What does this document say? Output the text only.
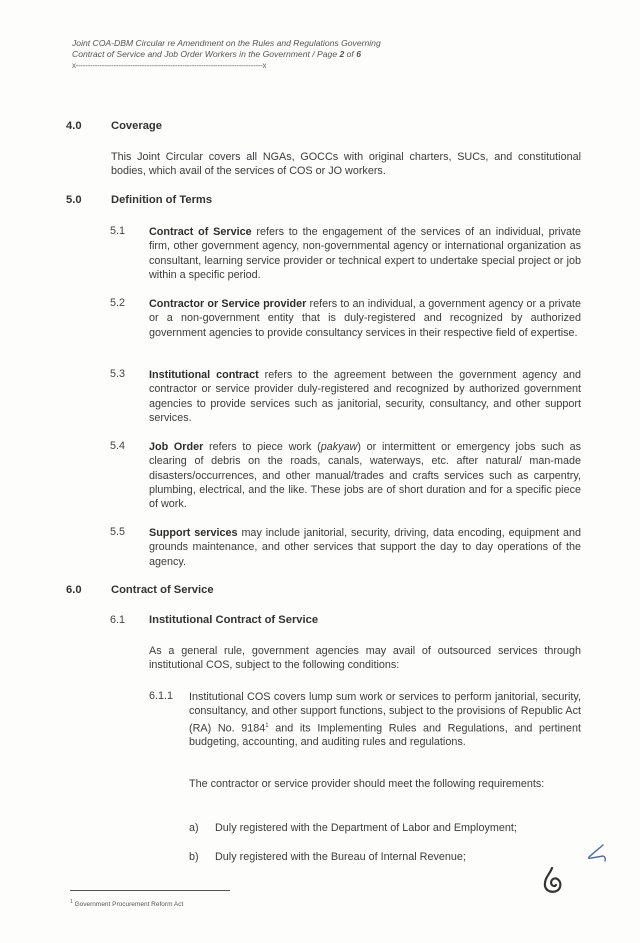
Joint COA-DBM Circular re Amendment on the Rules and Regulations Governing
Contract of Service and Job Order Workers in the Government / Page 2 of 6
x-------------------------------------------------------------------------------x
4.0	Coverage
This Joint Circular covers all NGAs, GOCCs with original charters, SUCs, and constitutional bodies, which avail of the services of COS or JO workers.
5.0	Definition of Terms
5.1 Contract of Service refers to the engagement of the services of an individual, private firm, other government agency, non-governmental agency or international organization as consultant, learning service provider or technical expert to undertake special project or job within a specific period.
5.2 Contractor or Service provider refers to an individual, a government agency or a private or a non-government entity that is duly-registered and recognized by authorized government agencies to provide consultancy services in their respective field of expertise.
5.3 Institutional contract refers to the agreement between the government agency and contractor or service provider duly-registered and recognized by authorized government agencies to provide services such as janitorial, security, consultancy, and other support services.
5.4 Job Order refers to piece work (pakyaw) or intermittent or emergency jobs such as clearing of debris on the roads, canals, waterways, etc. after natural/ man-made disasters/occurrences, and other manual/trades and crafts services such as carpentry, plumbing, electrical, and the like. These jobs are of short duration and for a specific piece of work.
5.5 Support services may include janitorial, security, driving, data encoding, equipment and grounds maintenance, and other services that support the day to day operations of the agency.
6.0	Contract of Service
6.1 Institutional Contract of Service
As a general rule, government agencies may avail of outsourced services through institutional COS, subject to the following conditions:
6.1.1 Institutional COS covers lump sum work or services to perform janitorial, security, consultancy, and other support functions, subject to the provisions of Republic Act (RA) No. 9184$^1$ and its Implementing Rules and Regulations, and pertinent budgeting, accounting, and auditing rules and regulations.
The contractor or service provider should meet the following requirements:
a) Duly registered with the Department of Labor and Employment;
b) Duly registered with the Bureau of Internal Revenue;
$^1$ Government Procurement Reform Act
